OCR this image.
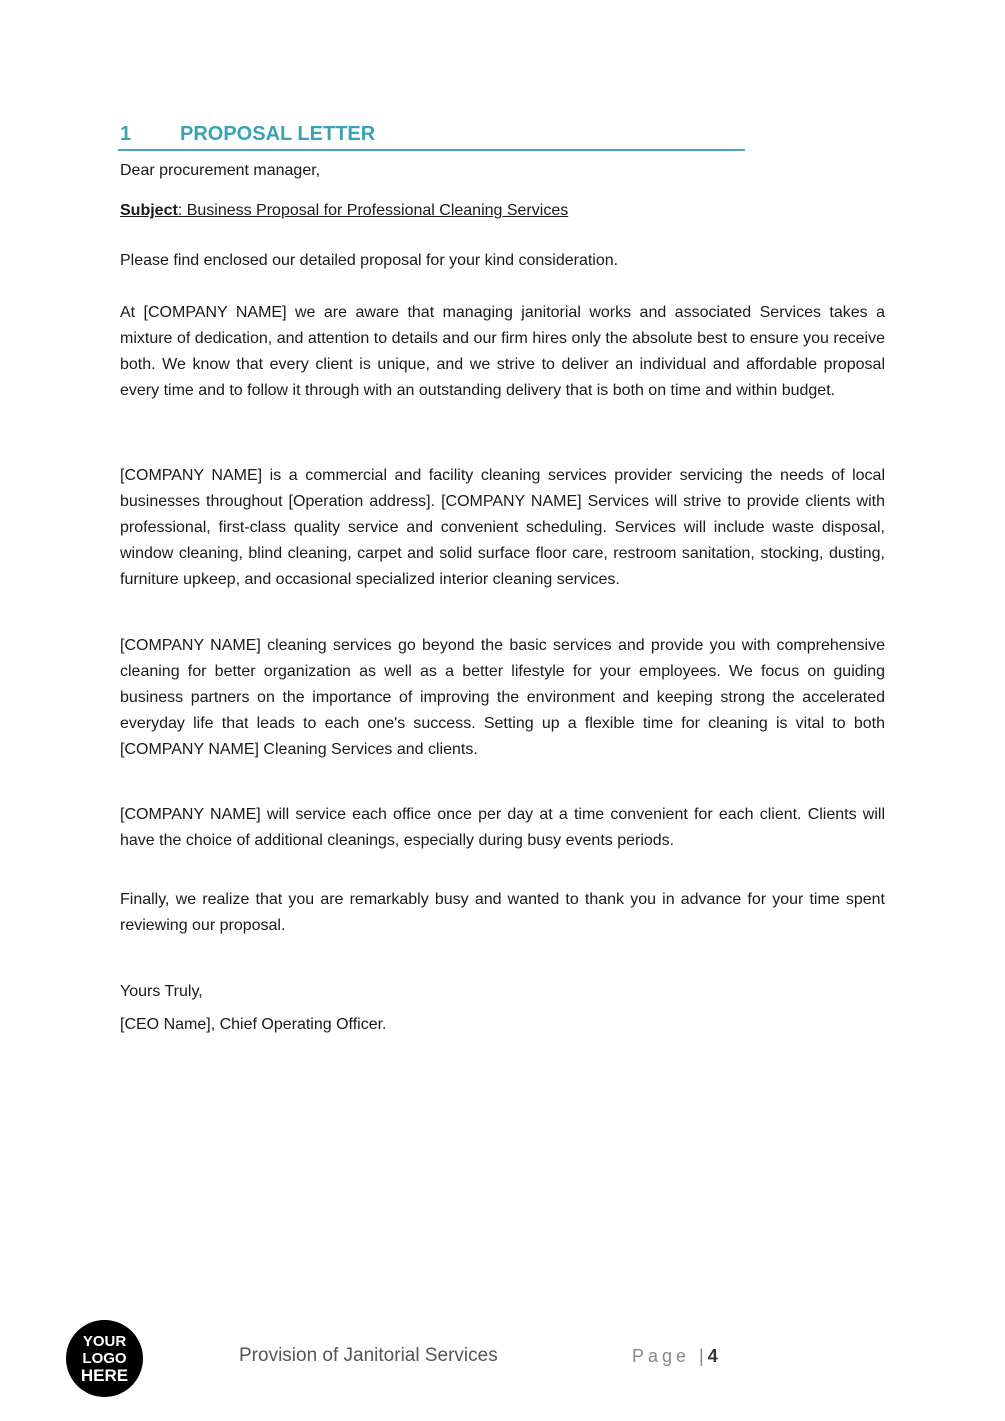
1 PROPOSAL LETTER

Dear procurement manager,

Subject: Business Proposal for Professional Cleaning Services

Please find enclosed our detailed proposal for your kind consideration.

At [COMPANY NAME] we are aware that managing janitorial works and associated Services takes a mixture of dedication, and attention to details and our firm hires only the absolute best to ensure you receive both. We know that every client is unique, and we strive to deliver an individual and affordable proposal every time and to follow it through with an outstanding delivery that is both on time and within budget.

[COMPANY NAME] is a commercial and facility cleaning services provider servicing the needs of local businesses throughout [Operation address]. [COMPANY NAME] Services will strive to provide clients with professional, first-class quality service and convenient scheduling. Services will include waste disposal, window cleaning, blind cleaning, carpet and solid surface floor care, restroom sanitation, stocking, dusting, furniture upkeep, and occasional specialized interior cleaning services.

[COMPANY NAME] cleaning services go beyond the basic services and provide you with comprehensive cleaning for better organization as well as a better lifestyle for your employees. We focus on guiding business partners on the importance of improving the environment and keeping strong the accelerated everyday life that leads to each one's success. Setting up a flexible time for cleaning is vital to both [COMPANY NAME] Cleaning Services and clients.

[COMPANY NAME] will service each office once per day at a time convenient for each client. Clients will have the choice of additional cleanings, especially during busy events periods.

Finally, we realize that you are remarkably busy and wanted to thank you in advance for your time spent reviewing our proposal.

Yours Truly,

[CEO Name], Chief Operating Officer.

YOUR
LOGO
HERE
Provision of Janitorial Services	Page |4
